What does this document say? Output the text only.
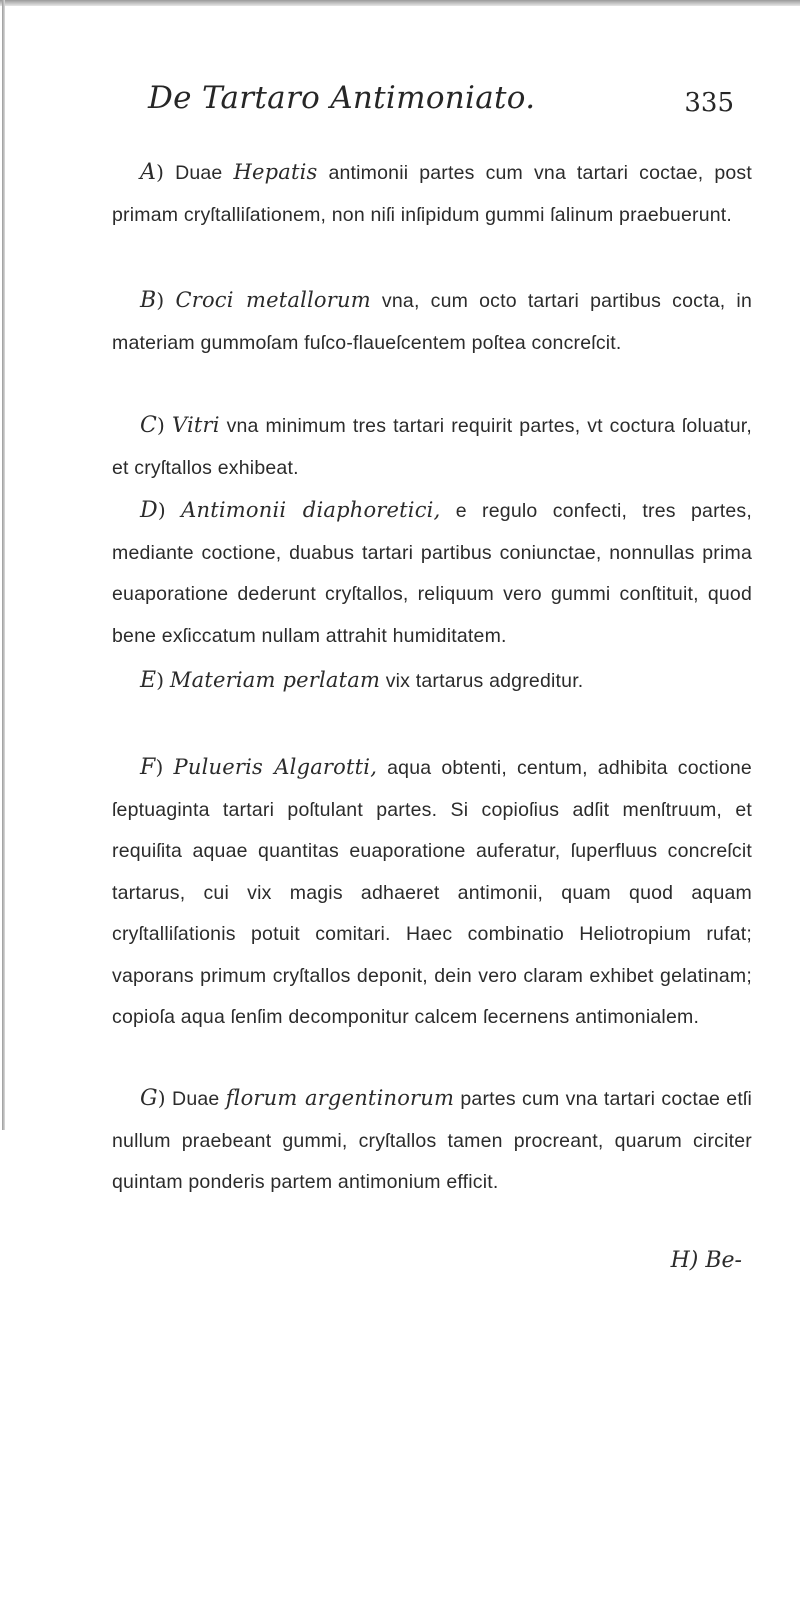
De Tartaro Antimoniato.	335

A) Duae Hepatis antimonii partes cum vna tartari coctae, post primam cryſtalliſationem, non niſi inſipidum gummi ſalinum praebuerunt.

B) Croci metallorum vna, cum octo tartari partibus cocta, in materiam gummoſam fuſco-flaueſcentem poſtea concreſcit.

C) Vitri vna minimum tres tartari requirit partes, vt coctura ſoluatur, et cryſtallos exhibeat.

D) Antimonii diaphoretici, e regulo confecti, tres partes, mediante coctione, duabus tartari partibus coniunctae, nonnullas prima euaporatione dederunt cryſtallos, reliquum vero gummi conſtituit, quod bene exſiccatum nullam attrahit humiditatem.

E) Materiam perlatam vix tartarus adgreditur.

F) Pulueris Algarotti, aqua obtenti, centum, adhibita coctione ſeptuaginta tartari poſtulant partes. Si copioſius adſit menſtruum, et requiſita aquae quantitas euaporatione auferatur, ſuperfluus concreſcit tartarus, cui vix magis adhaeret antimonii, quam quod aquam cryſtalliſationis potuit comitari. Haec combinatio Heliotropium rufat; vaporans primum cryſtallos deponit, dein vero claram exhibet gelatinam; copioſa aqua ſenſim decomponitur calcem ſecernens antimonialem.

G) Duae florum argentinorum partes cum vna tartari coctae etſi nullum praebeant gummi, cryſtallos tamen procreant, quarum circiter quintam ponderis partem antimonium efficit.

H) Be-
